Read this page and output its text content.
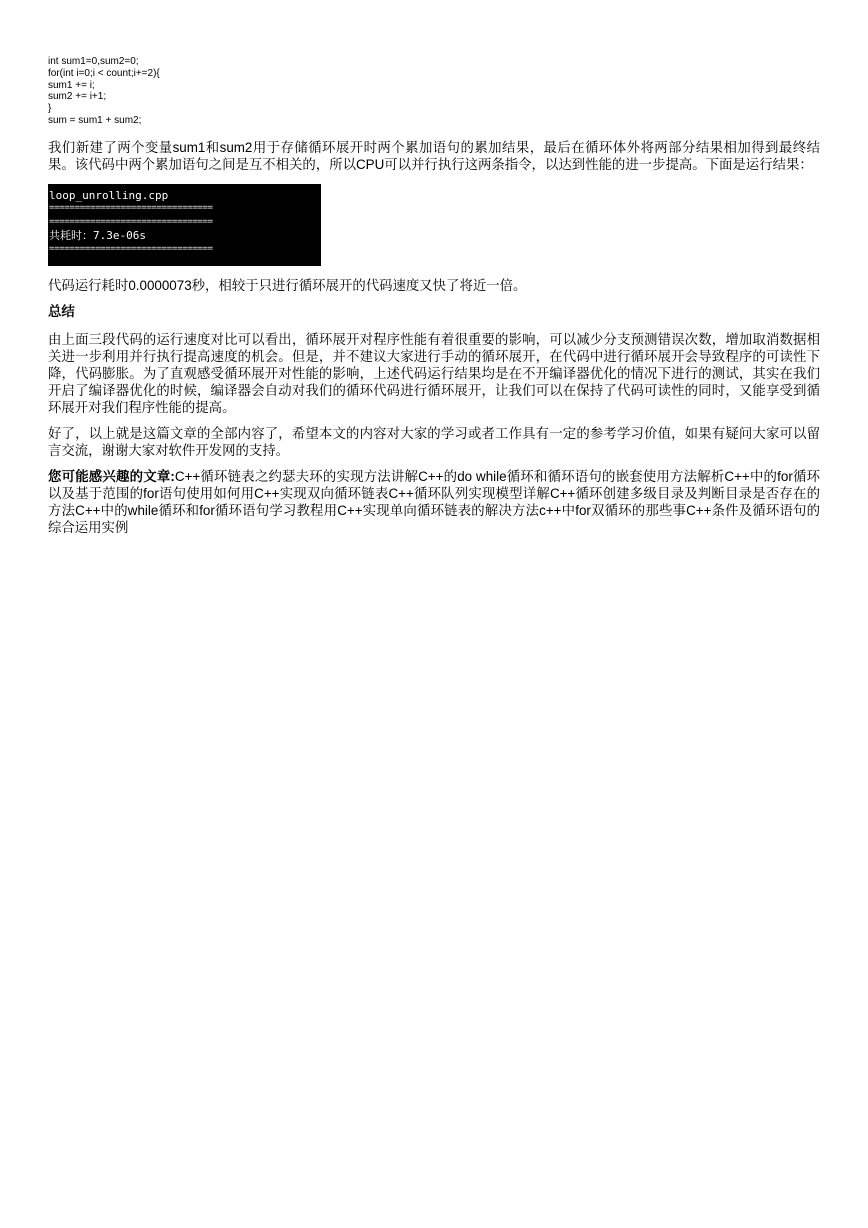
int sum1=0,sum2=0;
for(int i=0;i < count;i+=2){
sum1 += i;
sum2 += i+1;
}
sum = sum1 + sum2;

我们新建了两个变量sum1和sum2用于存储循环展开时两个累加语句的累加结果，最后在循环体外将两部分结果相加得到最终结果。该代码中两个累加语句之间是互不相关的，所以CPU可以并行执行这两条指令，以达到性能的进一步提高。下面是运行结果：

loop_unrolling.cpp
================================
================================
共耗时：7.3e-06s
================================

代码运行耗时0.0000073秒，相较于只进行循环展开的代码速度又快了将近一倍。

总结

由上面三段代码的运行速度对比可以看出，循环展开对程序性能有着很重要的影响，可以减少分支预测错误次数，增加取消数据相关进一步利用并行执行提高速度的机会。但是，并不建议大家进行手动的循环展开，在代码中进行循环展开会导致程序的可读性下降，代码膨胀。为了直观感受循环展开对性能的影响，上述代码运行结果均是在不开编译器优化的情况下进行的测试，其实在我们开启了编译器优化的时候，编译器会自动对我们的循环代码进行循环展开，让我们可以在保持了代码可读性的同时，又能享受到循环展开对我们程序性能的提高。

好了，以上就是这篇文章的全部内容了，希望本文的内容对大家的学习或者工作具有一定的参考学习价值，如果有疑问大家可以留言交流，谢谢大家对软件开发网的支持。

您可能感兴趣的文章:C++循环链表之约瑟夫环的实现方法讲解C++的do while循环和循环语句的嵌套使用方法解析C++中的for循环以及基于范围的for语句使用如何用C++实现双向循环链表C++循环队列实现模型详解C++循环创建多级目录及判断目录是否存在的方法C++中的while循环和for循环语句学习教程用C++实现单向循环链表的解决方法c++中for双循环的那些事C++条件及循环语句的综合运用实例
